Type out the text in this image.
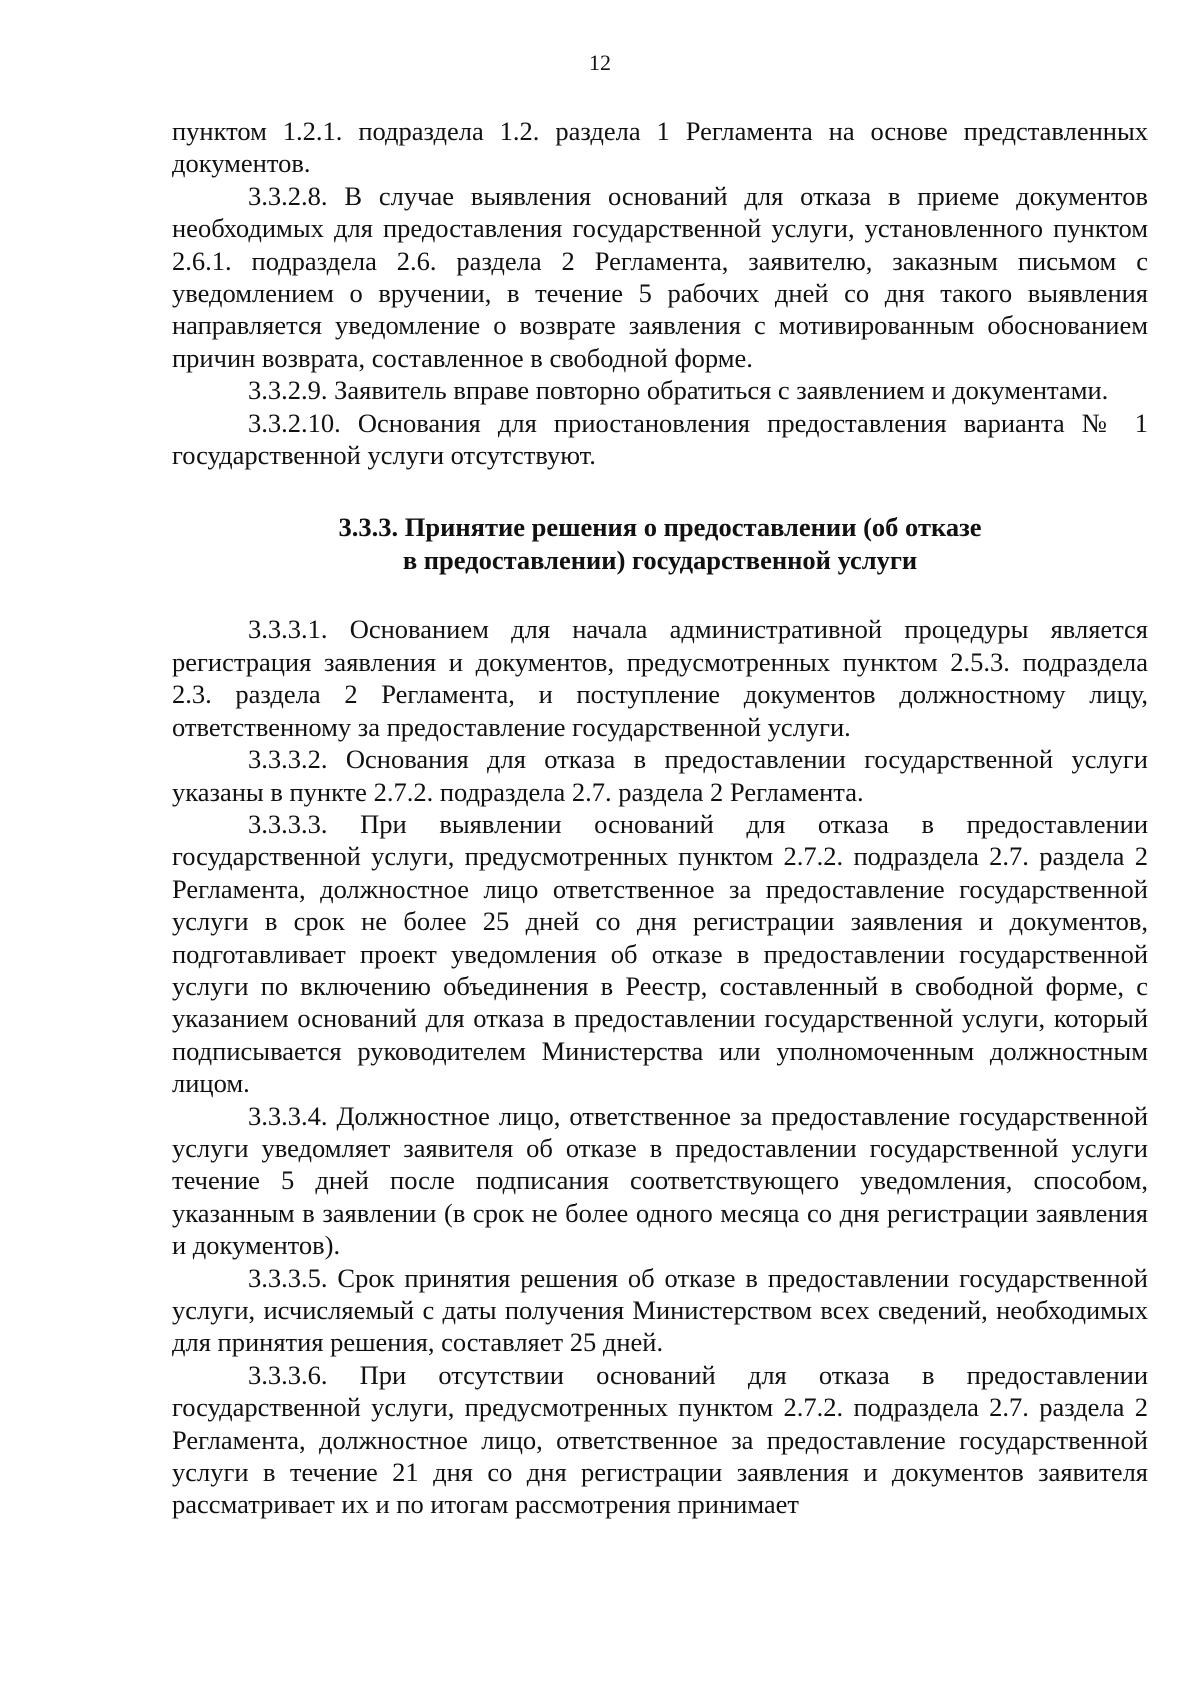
12

пунктом 1.2.1. подраздела 1.2. раздела 1 Регламента на основе представленных документов.

3.3.2.8. В случае выявления оснований для отказа в приеме документов необходимых для предоставления государственной услуги, установленного пунктом 2.6.1. подраздела 2.6. раздела 2 Регламента, заявителю, заказным письмом с уведомлением о вручении, в течение 5 рабочих дней со дня такого выявления направляется уведомление о возврате заявления с мотивированным обоснованием причин возврата, составленное в свободной форме.

3.3.2.9. Заявитель вправе повторно обратиться с заявлением и документами.

3.3.2.10. Основания для приостановления предоставления варианта № 1 государственной услуги отсутствуют.

3.3.3. Принятие решения о предоставлении (об отказе
в предоставлении) государственной услуги

3.3.3.1. Основанием для начала административной процедуры является регистрация заявления и документов, предусмотренных пунктом 2.5.3. подраздела 2.3. раздела 2 Регламента, и поступление документов должностному лицу, ответственному за предоставление государственной услуги.

3.3.3.2. Основания для отказа в предоставлении государственной услуги указаны в пункте 2.7.2. подраздела 2.7. раздела 2 Регламента.

3.3.3.3. При выявлении оснований для отказа в предоставлении государственной услуги, предусмотренных пунктом 2.7.2. подраздела 2.7. раздела 2 Регламента, должностное лицо ответственное за предоставление государственной услуги в срок не более 25 дней со дня регистрации заявления и документов, подготавливает проект уведомления об отказе в предоставлении государственной услуги по включению объединения в Реестр, составленный в свободной форме, с указанием оснований для отказа в предоставлении государственной услуги, который подписывается руководителем Министерства или уполномоченным должностным лицом.

3.3.3.4. Должностное лицо, ответственное за предоставление государственной услуги уведомляет заявителя об отказе в предоставлении государственной услуги течение 5 дней после подписания соответствующего уведомления, способом, указанным в заявлении (в срок не более одного месяца со дня регистрации заявления и документов).

3.3.3.5. Срок принятия решения об отказе в предоставлении государственной услуги, исчисляемый с даты получения Министерством всех сведений, необходимых для принятия решения, составляет 25 дней.

3.3.3.6. При отсутствии оснований для отказа в предоставлении государственной услуги, предусмотренных пунктом 2.7.2. подраздела 2.7. раздела 2 Регламента, должностное лицо, ответственное за предоставление государственной услуги в течение 21 дня со дня регистрации заявления и документов заявителя рассматривает их и по итогам рассмотрения принимает
